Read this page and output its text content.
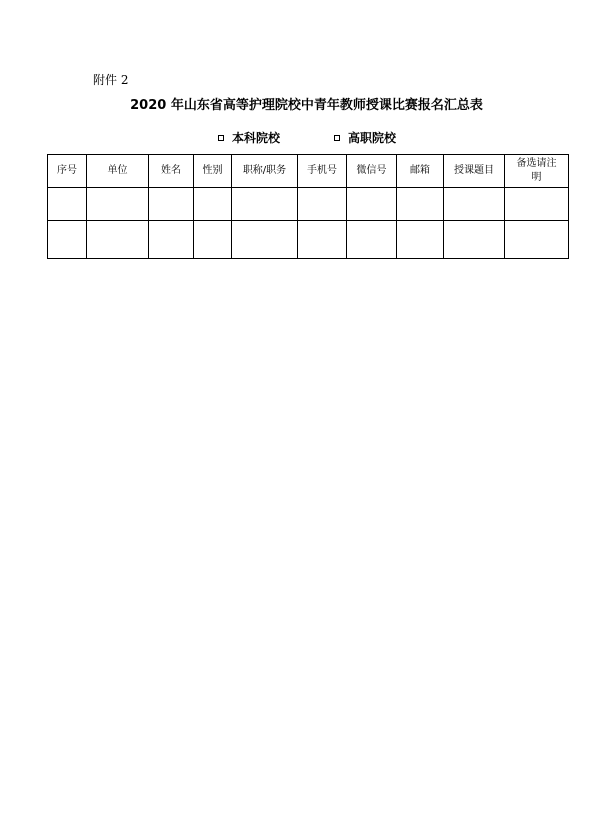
附件 2
2020 年山东省高等护理院校中青年教师授课比赛报名汇总表
本科院校	高职院校
序号	单位	姓名	性别	职称/职务	手机号	微信号	邮箱	授课题目	备选请注明
